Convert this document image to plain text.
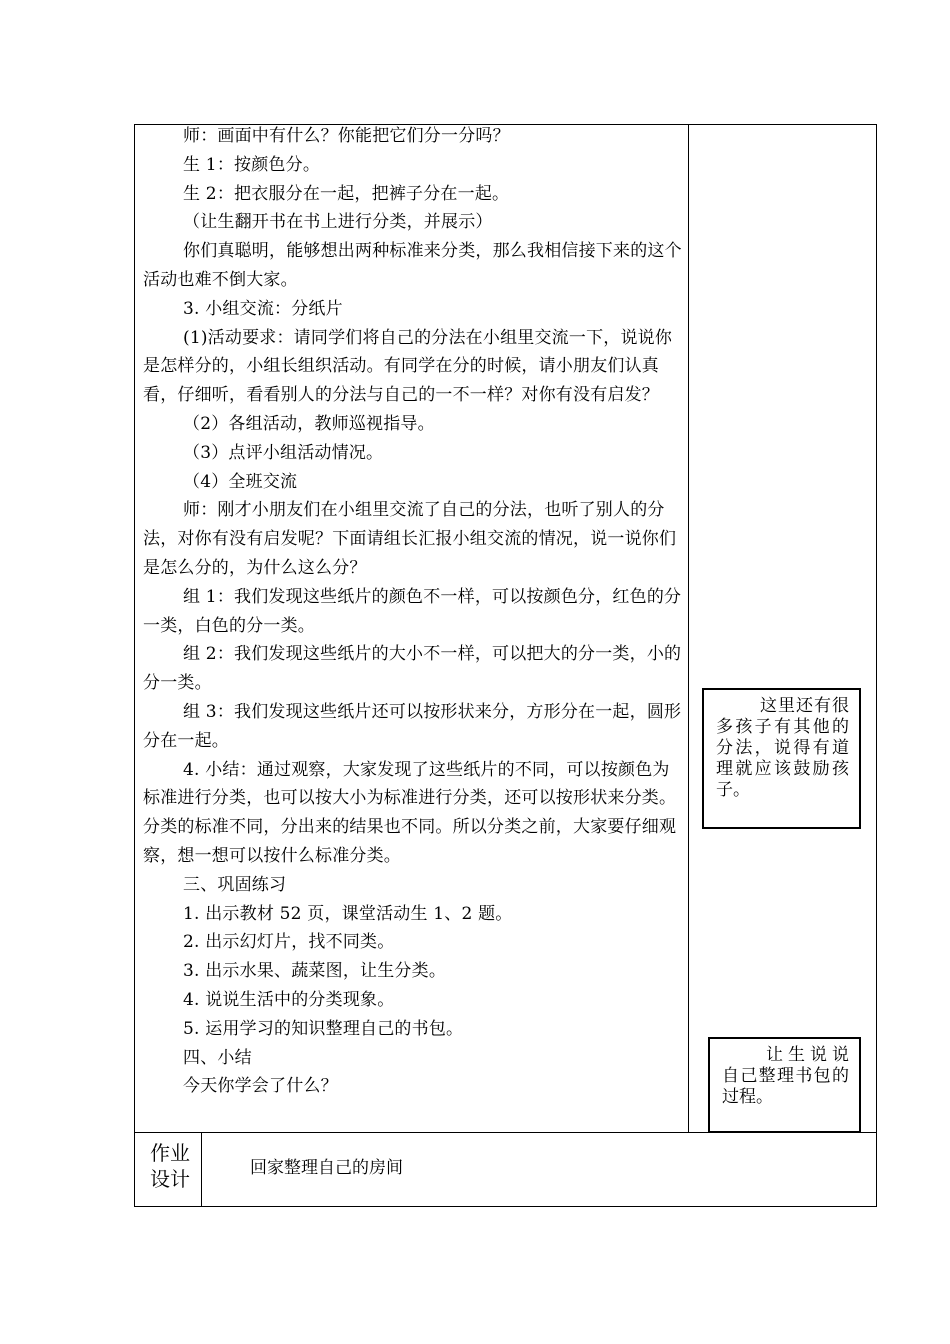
师：画面中有什么？你能把它们分一分吗？
生 1：按颜色分。
生 2：把衣服分在一起，把裤子分在一起。
（让生翻开书在书上进行分类，并展示）
你们真聪明，能够想出两种标准来分类，那么我相信接下来的这个活动也难不倒大家。
3. 小组交流：分纸片
(1)活动要求：请同学们将自己的分法在小组里交流一下，说说你是怎样分的，小组长组织活动。有同学在分的时候，请小朋友们认真看，仔细听，看看别人的分法与自己的一不一样？对你有没有启发？
（2）各组活动，教师巡视指导。
（3）点评小组活动情况。
（4）全班交流
师：刚才小朋友们在小组里交流了自己的分法，也听了别人的分法，对你有没有启发呢？下面请组长汇报小组交流的情况，说一说你们是怎么分的，为什么这么分？
组 1：我们发现这些纸片的颜色不一样，可以按颜色分，红色的分一类，白色的分一类。
组 2：我们发现这些纸片的大小不一样，可以把大的分一类，小的分一类。
组 3：我们发现这些纸片还可以按形状来分，方形分在一起，圆形分在一起。
4. 小结：通过观察，大家发现了这些纸片的不同，可以按颜色为标准进行分类，也可以按大小为标准进行分类，还可以按形状来分类。分类的标准不同，分出来的结果也不同。所以分类之前，大家要仔细观察，想一想可以按什么标准分类。
三、巩固练习
1. 出示教材 52 页，课堂活动生 1、2 题。
2. 出示幻灯片，找不同类。
3. 出示水果、蔬菜图，让生分类。
4. 说说生活中的分类现象。
5. 运用学习的知识整理自己的书包。
四、小结
今天你学会了什么？
这里还有很多孩子有其他的分法，说得有道理就应该鼓励孩子。
让生说说自己整理书包的过程。
作业
设计	回家整理自己的房间
